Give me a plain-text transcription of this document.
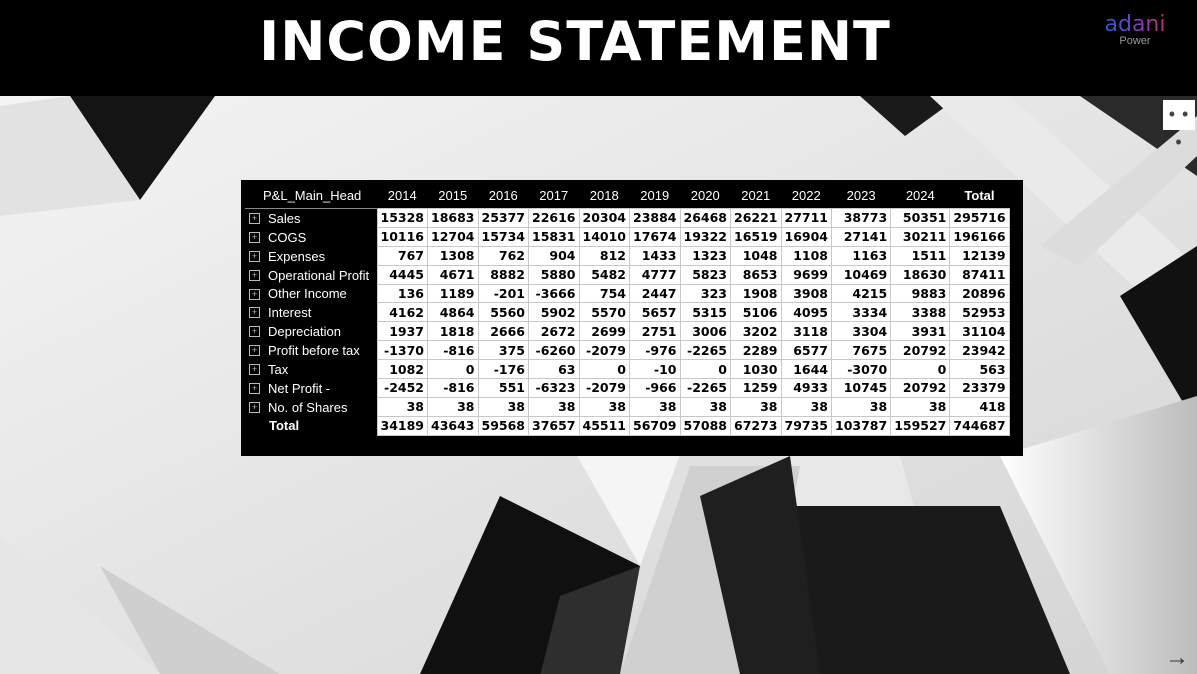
INCOME STATEMENT	adani
Power
• • •
→
P&L_Main_Head	2014	2015	2016	2017	2018	2019	2020	2021	2022	2023	2024	Total
+ Sales	15328	18683	25377	22616	20304	23884	26468	26221	27711	38773	50351	295716
+ COGS	10116	12704	15734	15831	14010	17674	19322	16519	16904	27141	30211	196166
+ Expenses	767	1308	762	904	812	1433	1323	1048	1108	1163	1511	12139
+ Operational Profit	4445	4671	8882	5880	5482	4777	5823	8653	9699	10469	18630	87411
+ Other Income	136	1189	-201	-3666	754	2447	323	1908	3908	4215	9883	20896
+ Interest	4162	4864	5560	5902	5570	5657	5315	5106	4095	3334	3388	52953
+ Depreciation	1937	1818	2666	2672	2699	2751	3006	3202	3118	3304	3931	31104
+ Profit before tax	-1370	-816	375	-6260	-2079	-976	-2265	2289	6577	7675	20792	23942
+ Tax	1082	0	-176	63	0	-10	0	1030	1644	-3070	0	563
+ Net Profit -	-2452	-816	551	-6323	-2079	-966	-2265	1259	4933	10745	20792	23379
+ No. of Shares	38	38	38	38	38	38	38	38	38	38	38	418
Total	34189	43643	59568	37657	45511	56709	57088	67273	79735	103787	159527	744687
